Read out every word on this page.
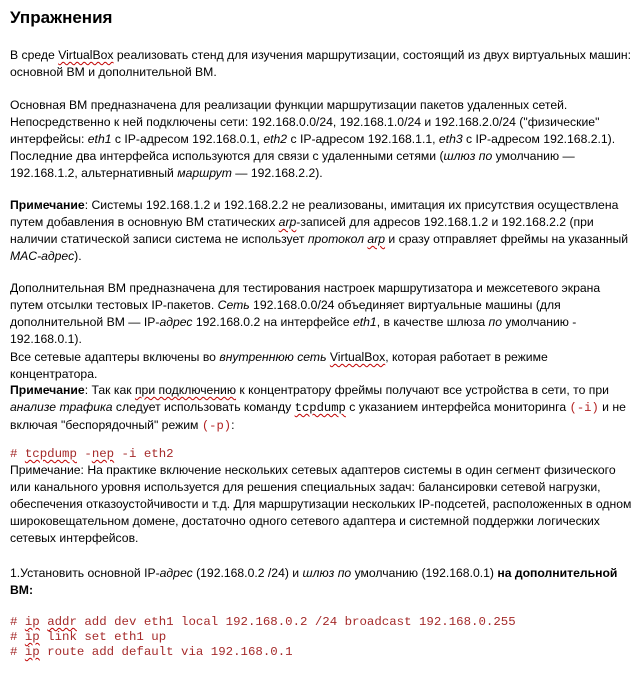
Упражнения

В среде VirtualBox реализовать стенд для изучения маршрутизации, состоящий из двух виртуальных машин: основной ВМ и дополнительной ВМ.

Основная ВМ предназначена для реализации функции маршрутизации пакетов удаленных сетей. Непосредственно к ней подключены сети: 192.168.0.0/24, 192.168.1.0/24 и 192.168.2.0/24 ("физические" интерфейсы: eth1 с IP-адресом 192.168.0.1, eth2 с IP-адресом 192.168.1.1, eth3 с IP-адресом 192.168.2.1). Последние два интерфейса используются для связи с удаленными сетями (шлюз по умолчанию — 192.168.1.2, альтернативный маршрут — 192.168.2.2).

Примечание: Системы 192.168.1.2 и 192.168.2.2 не реализованы, имитация их присутствия осуществлена путем добавления в основную ВМ статических arp-записей для адресов 192.168.1.2 и 192.168.2.2 (при наличии статической записи система не использует протокол arp и сразу отправляет фреймы на указанный MAC-адрес).

Дополнительная ВМ предназначена для тестирования настроек маршрутизатора и межсетевого экрана путем отсылки тестовых IP-пакетов. Сеть 192.168.0.0/24 объединяет виртуальные машины (для дополнительной ВМ — IP-адрес 192.168.0.2 на интерфейсе eth1, в качестве шлюза по умолчанию - 192.168.0.1).

Все сетевые адаптеры включены во внутреннюю сеть VirtualBox, которая работает в режиме концентратора.

Примечание: Так как при подключению к концентратору фреймы получают все устройства в сети, то при анализе трафика следует использовать команду tcpdump с указанием интерфейса мониторинга (-i) и не включая "беспорядочный" режим (-p):

# tcpdump -nep -i eth2

Примечание: На практике включение нескольких сетевых адаптеров системы в один сегмент физического или канального уровня используется для решения специальных задач: балансировки сетевой нагрузки, обеспечения отказоустойчивости и т.д. Для маршрутизации нескольких IP-подсетей, расположенных в одном широковещательном домене, достаточно одного сетевого адаптера и системной поддержки логических сетевых интерфейсов.

1.Установить основной IP-адрес (192.168.0.2 /24) и шлюз по умолчанию (192.168.0.1) на дополнительной ВМ:

# ip addr add dev eth1 local 192.168.0.2 /24 broadcast 192.168.0.255
# ip link set eth1 up
# ip route add default via 192.168.0.1
